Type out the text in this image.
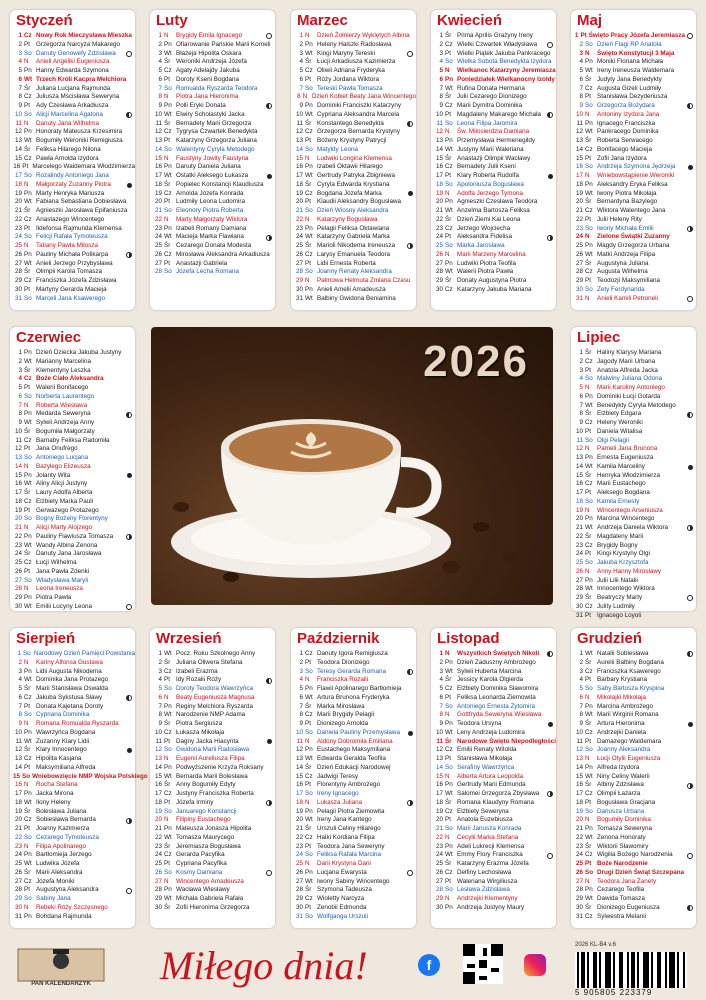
Styczeń
1 Cz Nowy Rok Mieczysława Mieszka
2 Pt Grzegorza Narcyza Makarego
3 So Danuty Genowefy Zdzisława
4 N	Anieli Angeliki Eugeniusza
5 Pn Hanny Edwarda Szymona
6 Wt Trzech Króli Kacpra Melchiora
7 Śr Juliana Lucjana Rajmunda
8 Cz Juliusza Mścisława Seweryna
9 Pt Ady Czesława Arkadiusza
10 So Alicji Marcelina Agatona
11 N	Danuty Jana Wilhelma
12 Pn Honoraty Mateusza Krzesimira
13 Wt Bogumiły Weroniki Remigiusza
14 Śr Feliksa Hilarego Nilona
15 Cz Pawła Arnolda Izydora
16 Pt Marcelego Waldemara Włodzimierza
17 So Rozalindy Antoniego Jana
18 N	Małgorzaty Zuzanny Piotra
19 Pn Marty Henryka Mariusza
20 Wt Fabiana Sebastiana Dobiesława
21 Śr Agnieszki Jarosława Epifaniusza
22 Cz Anastazego Wincentego
23 Pt Ildefonsa Rajmunda Klemensa
24 So Felicji Rafała Tymoteusza
25 N	Tatiany Pawła Miłosza
26 Pn Pauliny Michała Polikarpa
27 Wt Anieli Jerzego Przybysława
28 Śr Olimpii Karola Tomasza
29 Cz Franciszka Józefa Zdzisława
30 Pt Martyny Gerarda Macieja
31 So Marceli Jana Ksawerego
Luty
1 N	Brygidy Emila Ignacego
2 Pn Ofiarowanie Pańskie Marii Korneli
3 Wt Błażeja Hipolita Oskara
4 Śr Weroniki Andrzeja Józefa
5 Cz Agaty Adelajdy Jakuba
6 Pt Doroty Kseni Bogdana
7 So Romualda Ryszarda Teodora
8 N	Piotra Jana Hieronima
9 Pn Polli Eryki Donata
10 Wt Elwiry Scholastyki Jacka
11 Śr Bernadety Marii Grzegorza
12 Cz Tygrysa Czwartek Benedykta
13 Pt Katarzyny Grzegorza Juliana
14 So Walentyny Cyryla Metodego
15 N	Faustyny Jowity Faustyna
16 Pn Danuty Daniela Juliana
17 Wt Ostatki Aleksego Łukasza
18 Śr Popielec Konstancji Klaudiusza
19 Cz Arnolda Józefa Konrada
20 Pt Ludmiły Leona Ludomira
21 So Eleonory Piotra Roberta
22 N	Marty Małgorzaty Wiktora
23 Pn Izabeli Romany Damiana
24 Wt Macieja Marka Flawiana
25 Śr Cezarego Donata Modesta
26 Cz Mirosława Aleksandra Arkadiusza
27 Pt Anastazji Gabriela
28 So Józefa Lecha Romana
Marzec
1 N	Dzień Żołnierzy Wyklętych Albina
2 Pn Heleny Halszki Radosława
3 Wt Kingi Maryny Tereski
4 Śr Łucji Arkadiusza Kazimierza
5 Cz Oliwii Adriana Fryderyka
6 Pt Róży Jordana Wiktora
7 So Tereski Pawła Tomasza
8 N Dzień Kobiet Beaty Jana Wincentego
9 Pn Dominiki Franciszki Katarzyny
10 Wt Cypriana Aleksandra Marcela
11 Śr Konstantego Benedykta
12 Cz Grzegorza Bernarda Krystyny
13 Pt Bożeny Krystyny Patrycji
14 So Matyldy Leona
15 N	Ludwiki Longina Klemensa
16 Pn Izabeli Oktawii Hilarego
17 Wt Gertrudy Patryka Zbigniewa
18 Śr Cyryla Edwarda Krystiana
19 Cz Bogdana Józefa Marka
20 Pt Klaudii Aleksandry Bogusława
21 So Dzień Wiosny Aleksandra
22 N	Katarzyny Bogusława
23 Pn Pelagii Feliksa Oktawiana
24 Wt Katarzyny Gabriela Marka
25 Śr Marioli Nikodema Ireneusza
26 Cz Larysy Emanuela Teodora
27 Pt Lidii Ernesta Roberta
28 So Joanny Renaty Aleksandra
29 N	Palmowa Helmuta Zmiana Czasu
30 Pn Anieli Amelii Amadeusza
31 Wt Balbiny Gwidona Beniamina
Kwiecień
1 Śr Prima Aprilis Grażyny Ireny
2 Cz Wielki Czwartek Władysława
3 Pt Wielki Piątek Jakuba Pankracego
4 So Wielka Sobota Benedykta Izydora
5 N	Wielkanoc Katarzyny Jeremiasza
6 Pn Poniedziałek Wielkanocny Izoldy
7 Wt Rufina Donata Hermana
8 Śr Julii Cezarego Dionizego
9 Cz Marii Dymitra Dominika
10 Pt Magdaleny Makarego Michała
11 So Leona Filipa Jaromira
12 N	Św. Miłosierdzia Damiana
13 Pn Przemysława Hermenegildy
14 Wt Justyny Marii Waleriana
15 Śr Anastazji Olimpii Wacławy
16 Cz Bernadety Julii Kseni
17 Pt Klary Roberta Rudolfa
18 So Apoloniusza Bogusława
19 N	Adolfa Jerzego Tymona
20 Pn Agnieszki Czesława Teodora
21 Wt Anzelma Bartosza Feliksa
22 Śr Dzień Ziemi Kai Leona
23 Cz Jerzego Wojciecha
24 Pt Aleksandra Fidelisa
25 So Marka Jarosława
26 N	Marii Marzeny Marcelina
27 Pn Ludwiki Piotra Teofila
28 Wt Walerii Piotra Pawła
29 Śr Donaty Augustyna Piotra
30 Cz Katarzyny Jakuba Mariana
Maj
1 Pt Święto Pracy Józefa Jeremiasza
2 So Dzień Flagi RP Anatola
3 N	Święto Konstytucji 3 Maja
4 Pn Moniki Floriana Michała
5 Wt Ireny Ireneusza Waldemara
6 Śr Judyty Jana Benedykty
7 Cz Augusta Gizeli Ludmiły
8 Pt Stanisława Dezyderiusza
9 So Grzegorza Bożydara
10 N	Antoniny Izydora Jana
11 Pn Ignacego Franciszka
12 Wt Pankracego Dominika
13 Śr Roberta Serwacego
14 Cz Bonifacego Macieja
15 Pt Zofii Jana Izydora
16 So Andrzeja Szymona Jędrzeja
17 N	Wniebowstąpienie Weroniki
18 Pn Aleksandry Eryka Feliksa
19 Wt Iwony Piotra Mikołaja
20 Śr Bernardyna Bazylego
21 Cz Wiktora Walentego Jana
22 Pt Julii Heleny Rity
23 So Iwony Michała Emilii
24 N	Zielone Świątki Zuzanny
25 Pn Magdy Grzegorza Urbana
26 Wt Matki Andrzeja Filipa
27 Śr Augustyna Juliana
28 Cz Augusta Wilhelma
29 Pt Teodozji Maksymiliana
30 So Zety Ferdynanda
31 N	Anieli Kamili Petroneli
Czerwiec
1 Pn Dzień Dziecka Jakuba Justyny
2 Wt Marianny Marcelina
3 Śr Klementyny Leszka
4 Cz Boże Ciało Aleksandra
5 Pt Walerii Bonifacego
6 So Norberta Laurentego
7 N	Roberta Wiesława
8 Pn Medarda Seweryna
9 Wt Sylwii Andrzeja Anny
10 Śr Bogumiła Małgorzaty
11 Cz Barnaby Feliksa Radomiła
12 Pt Jana Onufrego
13 So Antoniego Lucjana
14 N	Bazylego Elizeusza
15 Pn Jolanty Wita
16 Wt Aliny Alicji Justyny
17 Śr Laury Adolfa Alberta
18 Cz Elżbiety Marka Pauli
19 Pt Gerwazego Protazego
20 So Bogny Bożeny Florentyny
21 N	Alicji Marty Alojzego
22 Pn Pauliny Flawiusza Tomasza
23 Wt Wandy Albina Zenona
24 Śr Danuty Jana Jarosława
25 Cz Łucji Wilhelma
26 Pt Jana Pawła Zdenki
27 So Władysława Maryli
28 N	Leona Ireneusza
29 Pn Piotra Pawła
30 Wt Emilii Lucyny Leona
Lipiec
1 Śr Haliny Klarysy Mariana
2 Cz Jagody Marii Urbana
3 Pt Anatola Alfreda Jacka
4 So Malwiny Juliana Odona
5 N	Marii Karoliny Antoniego
6 Pn Dominiki Łucji Gotarda
7 Wt Benedykty Cyryla Metodego
8 Śr Elżbiety Edgara
9 Cz Heleny Weroniki
10 Pt Daniela Witalisa
11 So Olgi Pelagii
12 N	Pameli Jana Brunona
13 Pn Ernesta Eugeniusza
14 Wt Kamila Marceliny
15 Śr Henryka Włodzimierza
16 Cz Marii Eustachego
17 Pt Aleksego Bogdana
18 So Kamila Ernesty
19 N	Wincentego Arseniusza
20 Pn Marcina Wincentego
21 Wt Andrzeja Daniela Wiktora
22 Śr Magdaleny Marii
23 Cz Brygidy Bogny
24 Pt Kingi Krystyny Olgi
25 So Jakuba Krzysztofa
26 N	Anny Hanny Mirosławy
27 Pn Julii Lilii Natalii
28 Wt Innocentego Wiktora
29 Śr Beatryczy Marty
30 Cz Julity Ludmiły
31 Pt Ignacego Loyoli
Sierpień
1 So Narodowy Dzień Pamięci Powstania
2 N	Kariny Alfonsa Gustawa
3 Pn Lidii Augusta Nikodema
4 Wt Dominika Jana Protazego
5 Śr Marii Stanisława Oswalda
6 Cz Jakuba Sykstusa Sławy
7 Pt Donata Kajetana Doroty
8 So Cypriana Dominika
9 N	Romana Romualda Ryszarda
10 Pn Wawrzyńca Bogdana
11 Wt Zuzanny Klary Lidii
12 Śr Klary Innocentego
13 Cz Hipolita Kasjana
14 Pt Maksymiliana Alfreda
15 So Wniebowzięcie NMP Wojska Polskiego
16 N	Rocha Stefana
17 Pn Jacka Mirona
18 Wt Ilony Heleny
19 Śr Bolesława Juliana
20 Cz Sobiesława Bernarda
21 Pt Joanny Kazimierza
22 So Cezarego Tymoteusza
23 N	Filipa Apolinarego
24 Pn Bartłomieja Jerzego
25 Wt Ludwika Józefa
26 Śr Marii Aleksandra
27 Cz Józefa Moniki
28 Pt Augustyna Aleksandra
29 So Sabiny Jana
30 N	Rebeki Róży Szczęsnego
31 Pn Bohdana Rajmunda
Wrzesień
1 Wt Pocz. Roku Szkolnego Anny
2 Śr Juliana Oliwera Stefana
3 Cz Izabeli Erazma
4 Pt Idy Rozalii Róży
5 So Doroty Teodora Wawrzyńca
6 N	Beaty Eugeniusza Magnusa
7 Pn Reginy Melchiora Ryszarda
8 Wt Narodzenie NMP Adama
9 Śr Piotra Sergiusza
10 Cz Łukasza Mikołaja
11 Pt Dagny Jacka Hiacynta
12 So Gwidona Marii Radosława
13 N	Eugenii Aureliusza Filipa
14 Pn Podwyższenie Krzyża Roksany
15 Wt Bernarda Marii Bolesława
16 Śr Anny Bogumiły Edyty
17 Cz Justyny Franciszka Roberta
18 Pt Józefa Irminy
19 So Januarego Konstancji
20 N	Filipiny Eustachego
21 Pn Mateusza Jonasza Hipolita
22 Wt Tomasza Maurycego
23 Śr Jeremiasza Bogusława
24 Cz Gerarda Pacyfika
25 Pt Cypriana Pacyfika
26 So Kosmy Damiana
27 N	Wincentego Amadeusza
28 Pn Wacława Wiesławy
29 Wt Michała Gabriela Rafała
30 Śr Zofii Hieronima Grzegorza
Październik
1 Cz Danuty Igora Remigiusza
2 Pt Teodora Dionizego
3 So Teresy Gerarda Romana
4 N	Franciszka Rozalii
5 Pn Flawii Apolinarego Bartłomieja
6 Wt Artura Brunona Fryderyka
7 Śr Marka Mirosława
8 Cz Marii Brygidy Pelagii
9 Pt Dionizego Arnolda
10 So Daniela Pauliny Przemysława
11 N	Aldony Dobromiła Emiliana
12 Pn Eustachego Maksymiliana
13 Wt Edwarda Geralda Teofila
14 Śr Dzień Edukacji Narodowej
15 Cz Jadwigi Teresy
16 Pt Florentyny Ambrożego
17 So Ireny Ignacego
18 N	Lukasza Juliana
19 Pn Pelagii Piotra Ziemowita
20 Wt Ireny Jana Kantego
21 Śr Urszuli Celiny Hilarego
22 Cz Halki Kordiana Filipa
23 Pt Teodora Jana Seweryny
24 So Feliksa Rafała Marcina
25 N	Darii Krystyna Darii
26 Pn Lucjana Ewarysta
27 Wt Iwony Sabiny Wincentego
28 Śr Szymona Tadeusza
29 Cz Wioletty Narcyza
30 Pt Zenobii Edmunda
31 So Wolfganga Urszuli
Listopad
1 N	Wszystkich Świętych Nikoli
2 Pn Dzień Zaduszny Ambrożego
3 Wt Sylwii Huberta Marcina
4 Śr Jessicy Karola Olgierda
5 Cz Elżbiety Dominika Sławomira
6 Pt Feliksa Leonarda Ziemowita
7 So Antoniego Ernesta Zytomira
8 N	Gottfryda Seweryna Wiesława
9 Pn Teodora Ursyna
10 Wt Leny Andrzeja Ludomira
11 Śr Narodowe Święto Niepodległości
12 Cz Emilii Renaty Witolda
13 Pt Stanisława Mikołaja
14 So Serafiny Wawrzyńca
15 N	Alberta Artura Leopolda
16 Pn Gertrudy Marii Edmunda
17 Wt Salomei Grzegorza Zbysława
18 Śr Romana Klaudyny Romana
19 Cz Elżbiety Seweryna
20 Pt Anatola Euzebiusza
21 So Marii Janusza Konrada
22 N	Cecylii Marka Stefana
23 Pn Adeli Lukrecji Klemensa
24 Wt Emmy Flory Franciszka
25 Śr Katarzyny Erazma Józefa
26 Cz Delfiny Lechosława
27 Pt Waleriana Wirgiliusza
28 So Lesława Zdzisława
29 N	Andrzejki Klementyny
30 Pn Andrzeja Justyny Maury
Grudzień
1 Wt Natalii Sobiesława
2 Śr Aurelii Balbiny Bogdana
3 Cz Franciszka Ksawerego
4 Pt Barbary Krystiana
5 So Saby Bartosza Kryspina
6 N	Mikołajki Mikołaja
7 Pn Marcina Ambrożego
8 Wt Marii Wirginii Romana
9 Śr Artura Hieronima
10 Cz Andrzejki Daniela
11 Pt Damazego Waldemara
12 So Joanny Aleksandra
13 N	Łucji Otylii Eugeniusza
14 Pn Alfreda Izydora
15 Wt Niny Celiny Walerii
16 Śr Albiny Zdzisława
17 Cz Olimpii Łazarza
18 Pt Bogusława Gracjana
19 So Dariusza Urbana
20 N	Bogumiły Dominika
21 Pn Tomasza Seweryna
22 Wt Zenona Honoraty
23 Śr Wiktorii Sławomiry
24 Cz Wigilia Bożego Narodzenia
25 Pt Boże Narodzenie
26 So Drugi Dzień Świąt Szczepana
27 N	Teodora Jana Żanety
28 Pn Cezarego Teofila
29 Wt Dawida Tomasza
30 Śr Dionizego Eugeniusza
31 Cz Sylwestra Melanii
2026
PAN KALENDARZYK	Miłego dnia!	f
2026 KL-B4 v.6
5 905805 223379
